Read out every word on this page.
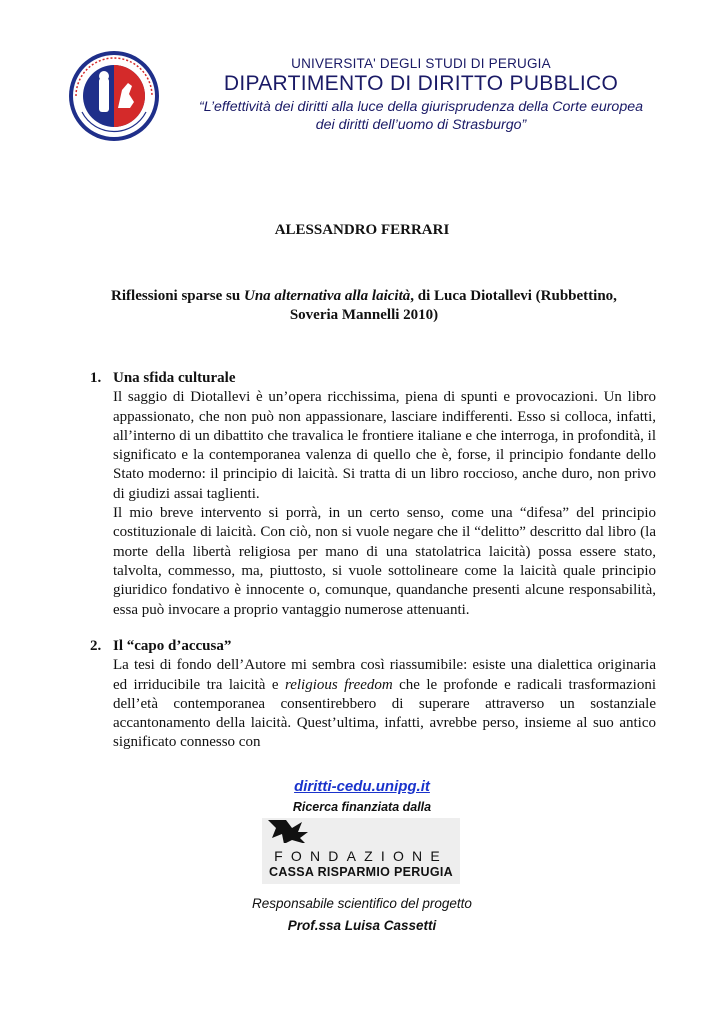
UNIVERSITA' DEGLI STUDI DI PERUGIA
DIPARTIMENTO DI DIRITTO PUBBLICO
“L’effettività dei diritti alla luce della giurisprudenza della Corte europea
dei diritti dell’uomo di Strasburgo”
ALESSANDRO FERRARI
Riflessioni sparse su Una alternativa alla laicità, di Luca Diotallevi (Rubbettino, Soveria Mannelli 2010)
1. Una sfida culturale
Il saggio di Diotallevi è un’opera ricchissima, piena di spunti e provocazioni. Un libro appassionato, che non può non appassionare, lasciare indifferenti. Esso si colloca, infatti, all’interno di un dibattito che travalica le frontiere italiane e che interroga, in profondità, il significato e la contemporanea valenza di quello che è, forse, il principio fondante dello Stato moderno: il principio di laicità. Si tratta di un libro roccioso, anche duro, non privo di giudizi assai taglienti.
Il mio breve intervento si porrà, in un certo senso, come una “difesa” del principio costituzionale di laicità. Con ciò, non si vuole negare che il “delitto” descritto dal libro (la morte della libertà religiosa per mano di una statolatrica laicità) possa essere stato, talvolta, commesso, ma, piuttosto, si vuole sottolineare come la laicità quale principio giuridico fondativo è innocente o, comunque, quandanche presenti alcune responsabilità, essa può invocare a proprio vantaggio numerose attenuanti.
2. Il “capo d’accusa”
La tesi di fondo dell’Autore mi sembra così riassumibile: esiste una dialettica originaria ed irriducibile tra laicità e religious freedom che le profonde e radicali trasformazioni dell’età contemporanea consentirebbero di superare attraverso un sostanziale accantonamento della laicità. Quest’ultima, infatti, avrebbe perso, insieme al suo antico significato connesso con
diritti-cedu.unipg.it
Ricerca finanziata dalla
FONDAZIONE
CASSA RISPARMIO PERUGIA
Responsabile scientifico del progetto
Prof.ssa Luisa Cassetti
